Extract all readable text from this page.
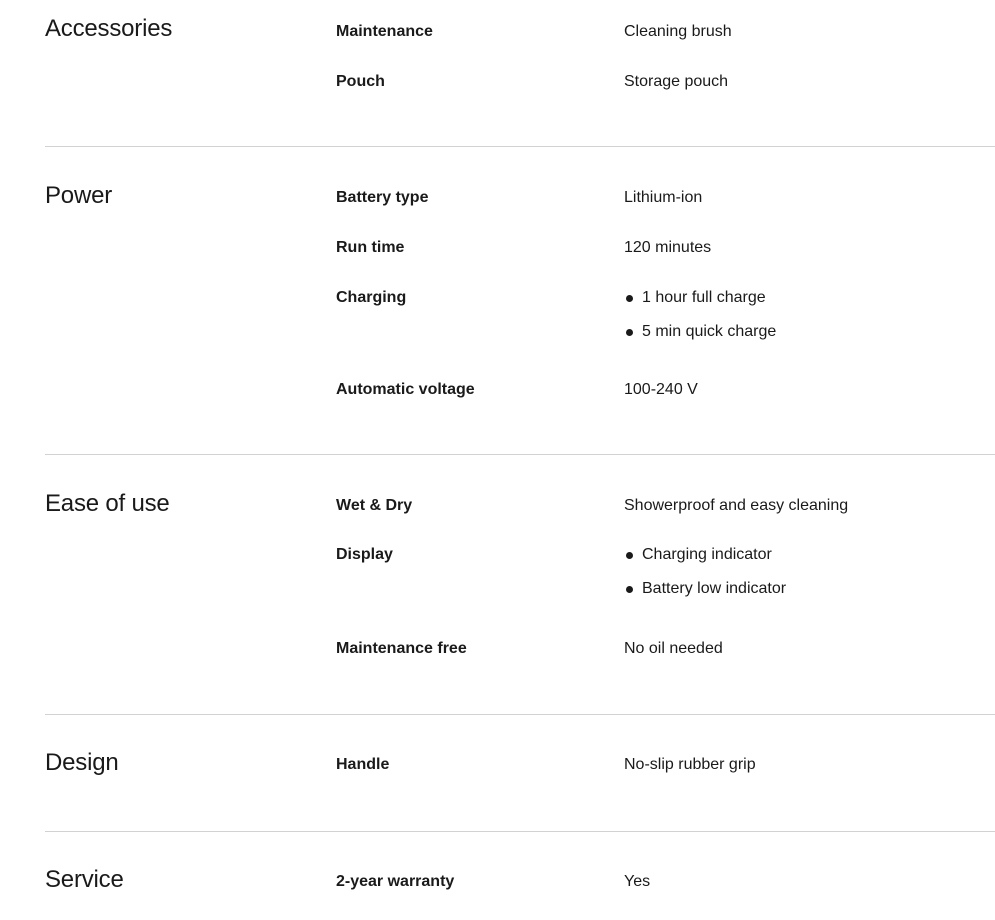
Accessories	Maintenance	Cleaning brush
Pouch	Storage pouch
Power	Battery type	Lithium-ion
Run time	120 minutes
Charging	1 hour full charge
5 min quick charge
Automatic voltage	100-240 V
Ease of use	Wet & Dry	Showerproof and easy cleaning
Display	Charging indicator
Battery low indicator
Maintenance free	No oil needed
Design	Handle	No-slip rubber grip
Service	2-year warranty	Yes
